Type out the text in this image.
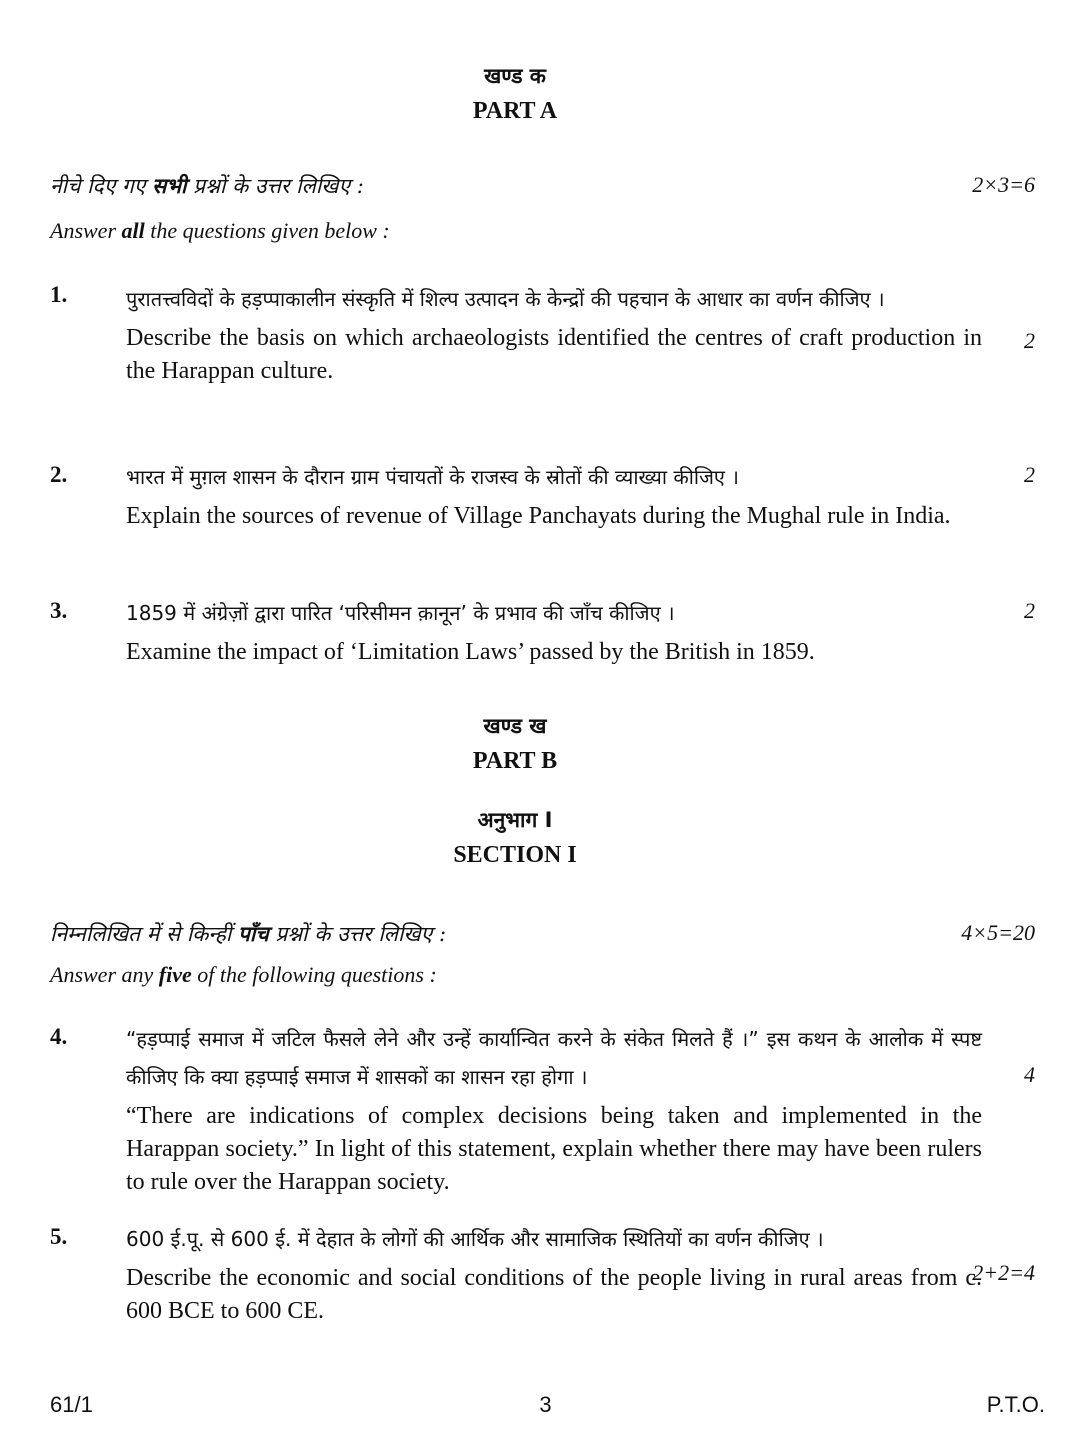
खण्ड क
PART A
नीचे दिए गए सभी प्रश्नों के उत्तर लिखिए :	2×3=6
Answer all the questions given below :
1.	पुरातत्त्वविदों के हड़प्पाकालीन संस्कृति में शिल्प उत्पादन के केन्द्रों की पहचान के आधार का वर्णन कीजिए ।
Describe the basis on which archaeologists identified the centres of craft production in the Harappan culture.
2
2.	भारत में मुग़ल शासन के दौरान ग्राम पंचायतों के राजस्व के स्रोतों की व्याख्या कीजिए ।
Explain the sources of revenue of Village Panchayats during the Mughal rule in India.
2
3.	1859 में अंग्रेज़ों द्वारा पारित ‘परिसीमन क़ानून’ के प्रभाव की जाँच कीजिए ।
Examine the impact of ‘Limitation Laws’ passed by the British in 1859.
2
खण्ड ख
PART B
अनुभाग I
SECTION I
निम्नलिखित में से किन्हीं पाँच प्रश्नों के उत्तर लिखिए :	4×5=20
Answer any five of the following questions :
4.	“हड़प्पाई समाज में जटिल फैसले लेने और उन्हें कार्यान्वित करने के संकेत मिलते हैं ।” इस कथन के आलोक में स्पष्ट कीजिए कि क्या हड़प्पाई समाज में शासकों का शासन रहा होगा ।
“There are indications of complex decisions being taken and implemented in the Harappan society.” In light of this statement, explain whether there may have been rulers to rule over the Harappan society.
4
5.	600 ई.पू. से 600 ई. में देहात के लोगों की आर्थिक और सामाजिक स्थितियों का वर्णन कीजिए ।
Describe the economic and social conditions of the people living in rural areas from c. 600 BCE to 600 CE.
2+2=4
61/1	3	P.T.O.
